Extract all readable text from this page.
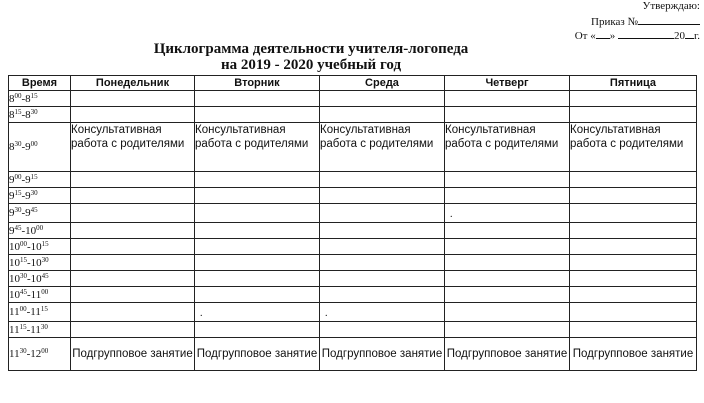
Утверждаю:
Приказ №
От « »	20 г.
Циклограмма деятельности учителя-логопеда
на 2019 - 2020 учебный год
Время	Понедельник	Вторник	Среда	Четверг	Пятница
$8^{00}-8^{15}$					
$8^{15}-8^{30}$					
$8^{30}-9^{00}$	Консультативная работа с родителями	Консультативная работа с родителями	Консультативная работа с родителями	Консультативная работа с родителями	Консультативная работа с родителями
$9^{00}-9^{15}$					
$9^{15}-9^{30}$					
$9^{30}-9^{45}$				.	
$9^{45}-10^{00}$					
$10^{00}-10^{15}$					
$10^{15}-10^{30}$					
$10^{30}-10^{45}$					
$10^{45}-11^{00}$					
$11^{00}-11^{15}$		.	.		
$11^{15}-11^{30}$					
$11^{30}-12^{00}$	Подгрупповое занятие	Подгрупповое занятие	Подгрупповое занятие	Подгрупповое занятие	Подгрупповое занятие
